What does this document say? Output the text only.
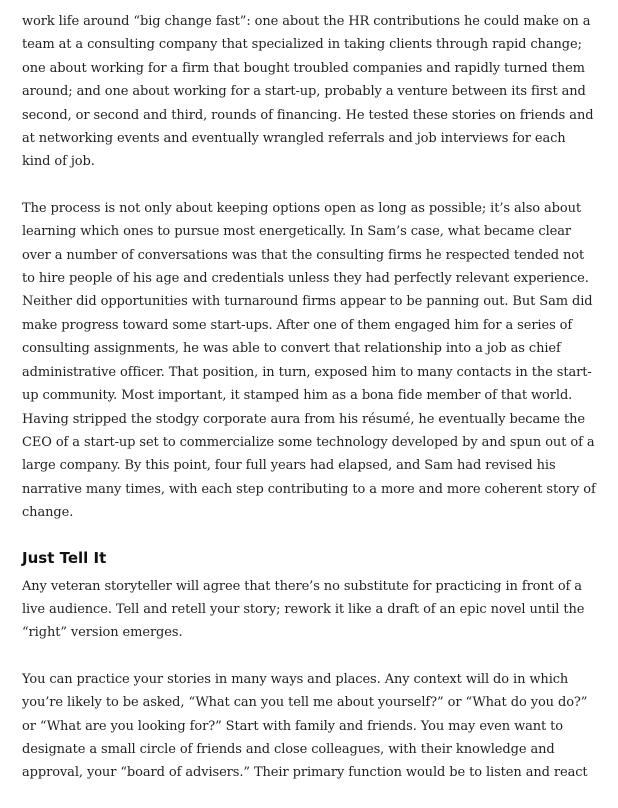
work life around “big change fast”: one about the HR contributions he could make on a team at a consulting company that specialized in taking clients through rapid change; one about working for a firm that bought troubled companies and rapidly turned them around; and one about working for a start-up, probably a venture between its first and second, or second and third, rounds of financing. He tested these stories on friends and at networking events and eventually wrangled referrals and job interviews for each kind of job.

The process is not only about keeping options open as long as possible; it’s also about learning which ones to pursue most energetically. In Sam’s case, what became clear over a number of conversations was that the consulting firms he respected tended not to hire people of his age and credentials unless they had perfectly relevant experience. Neither did opportunities with turnaround firms appear to be panning out. But Sam did make progress toward some start-ups. After one of them engaged him for a series of consulting assignments, he was able to convert that relationship into a job as chief administrative officer. That position, in turn, exposed him to many contacts in the start-up community. Most important, it stamped him as a bona fide member of that world. Having stripped the stodgy corporate aura from his résumé, he eventually became the CEO of a start-up set to commercialize some technology developed by and spun out of a large company. By this point, four full years had elapsed, and Sam had revised his narrative many times, with each step contributing to a more and more coherent story of change.

Just Tell It

Any veteran storyteller will agree that there’s no substitute for practicing in front of a live audience. Tell and retell your story; rework it like a draft of an epic novel until the “right” version emerges.

You can practice your stories in many ways and places. Any context will do in which you’re likely to be asked, “What can you tell me about yourself?” or “What do you do?” or “What are you looking for?” Start with family and friends. You may even want to designate a small circle of friends and close colleagues, with their knowledge and approval, your “board of advisers.” Their primary function would be to listen and react
